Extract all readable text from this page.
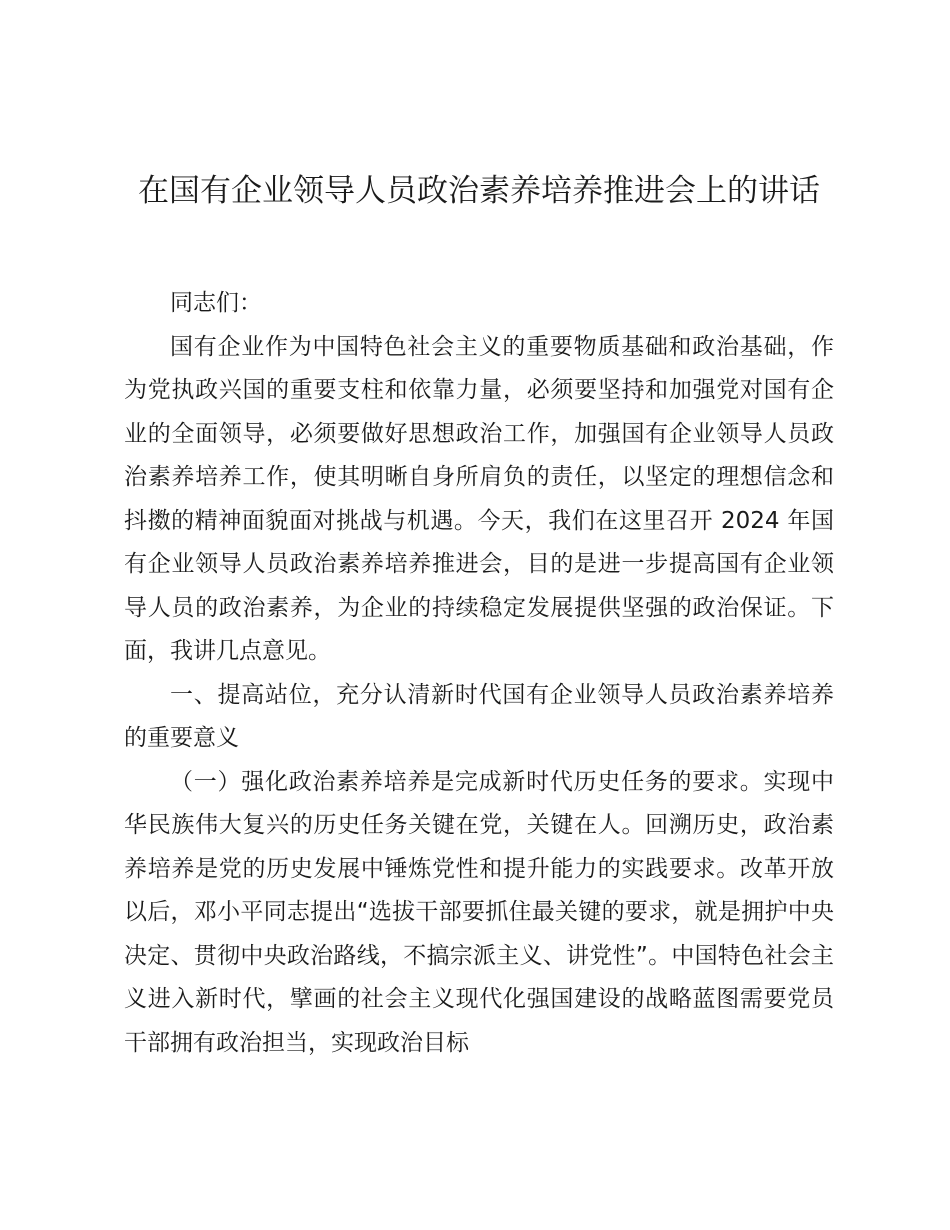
在国有企业领导人员政治素养培养推进会上的讲话

同志们：

国有企业作为中国特色社会主义的重要物质基础和政治基础，作为党执政兴国的重要支柱和依靠力量，必须要坚持和加强党对国有企业的全面领导，必须要做好思想政治工作，加强国有企业领导人员政治素养培养工作，使其明晰自身所肩负的责任，以坚定的理想信念和抖擞的精神面貌面对挑战与机遇。今天，我们在这里召开 2024 年国有企业领导人员政治素养培养推进会，目的是进一步提高国有企业领导人员的政治素养，为企业的持续稳定发展提供坚强的政治保证。下面，我讲几点意见。

一、提高站位，充分认清新时代国有企业领导人员政治素养培养的重要意义

（一）强化政治素养培养是完成新时代历史任务的要求。实现中华民族伟大复兴的历史任务关键在党，关键在人。回溯历史，政治素养培养是党的历史发展中锤炼党性和提升能力的实践要求。改革开放以后，邓小平同志提出“选拔干部要抓住最关键的要求，就是拥护中央决定、贯彻中央政治路线，不搞宗派主义、讲党性”。中国特色社会主义进入新时代，擘画的社会主义现代化强国建设的战略蓝图需要党员干部拥有政治担当，实现政治目标
